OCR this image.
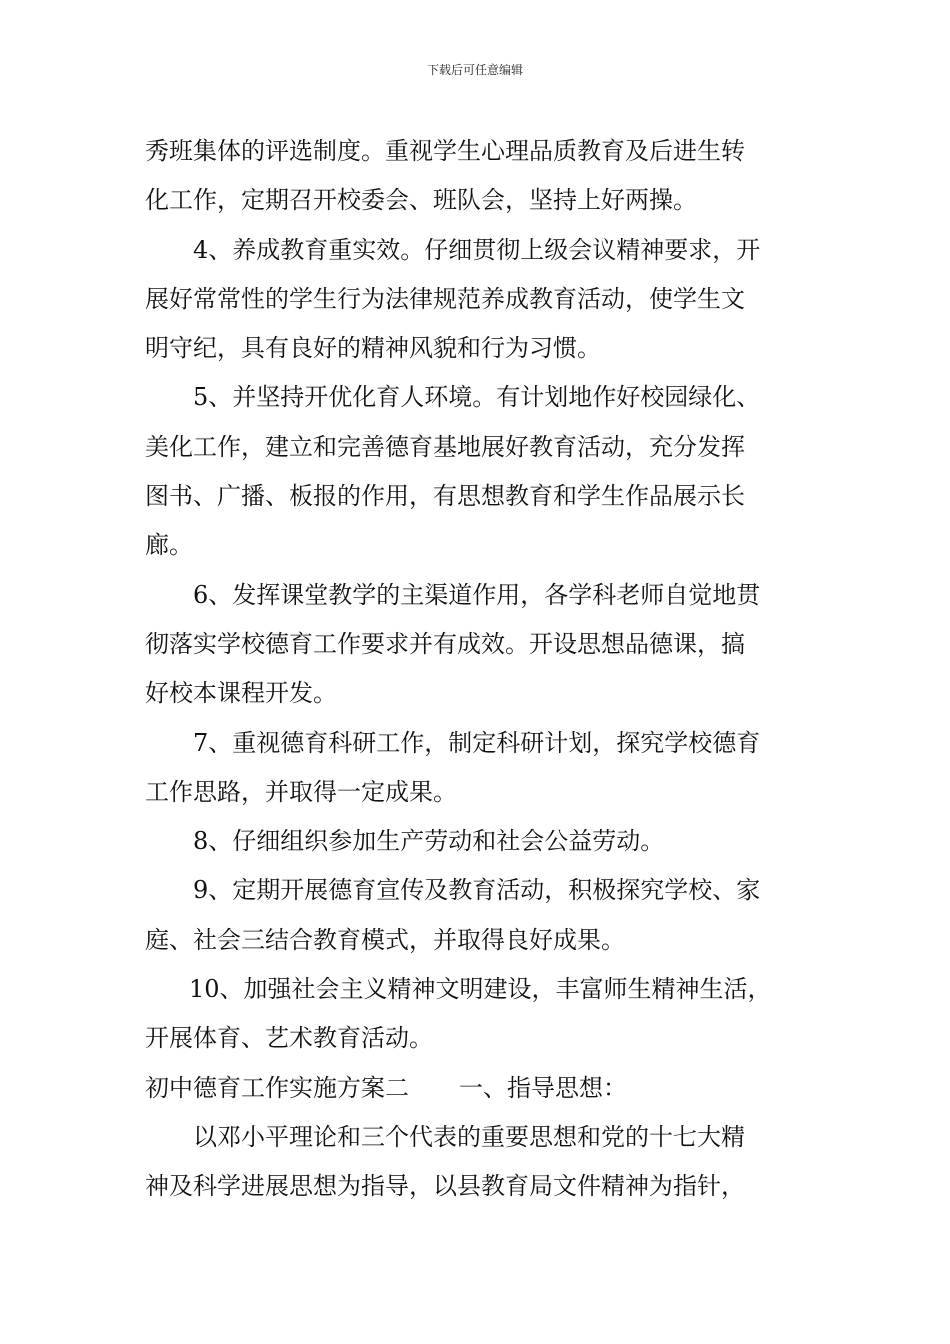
下载后可任意编辑
秀班集体的评选制度。重视学生心理品质教育及后进生转
化工作，定期召开校委会、班队会，坚持上好两操。
4、养成教育重实效。仔细贯彻上级会议精神要求，开
展好常常性的学生行为法律规范养成教育活动，使学生文
明守纪，具有良好的精神风貌和行为习惯。
5、并坚持开优化育人环境。有计划地作好校园绿化、
美化工作，建立和完善德育基地展好教育活动，充分发挥
图书、广播、板报的作用，有思想教育和学生作品展示长
廊。
6、发挥课堂教学的主渠道作用，各学科老师自觉地贯
彻落实学校德育工作要求并有成效。开设思想品德课，搞
好校本课程开发。
7、重视德育科研工作，制定科研计划，探究学校德育
工作思路，并取得一定成果。
8、仔细组织参加生产劳动和社会公益劳动。
9、定期开展德育宣传及教育活动，积极探究学校、家
庭、社会三结合教育模式，并取得良好成果。
10、加强社会主义精神文明建设，丰富师生精神生活，
开展体育、艺术教育活动。
初中德育工作实施方案二 一、指导思想：
以邓小平理论和三个代表的重要思想和党的十七大精
神及科学进展思想为指导，以县教育局文件精神为指针，
